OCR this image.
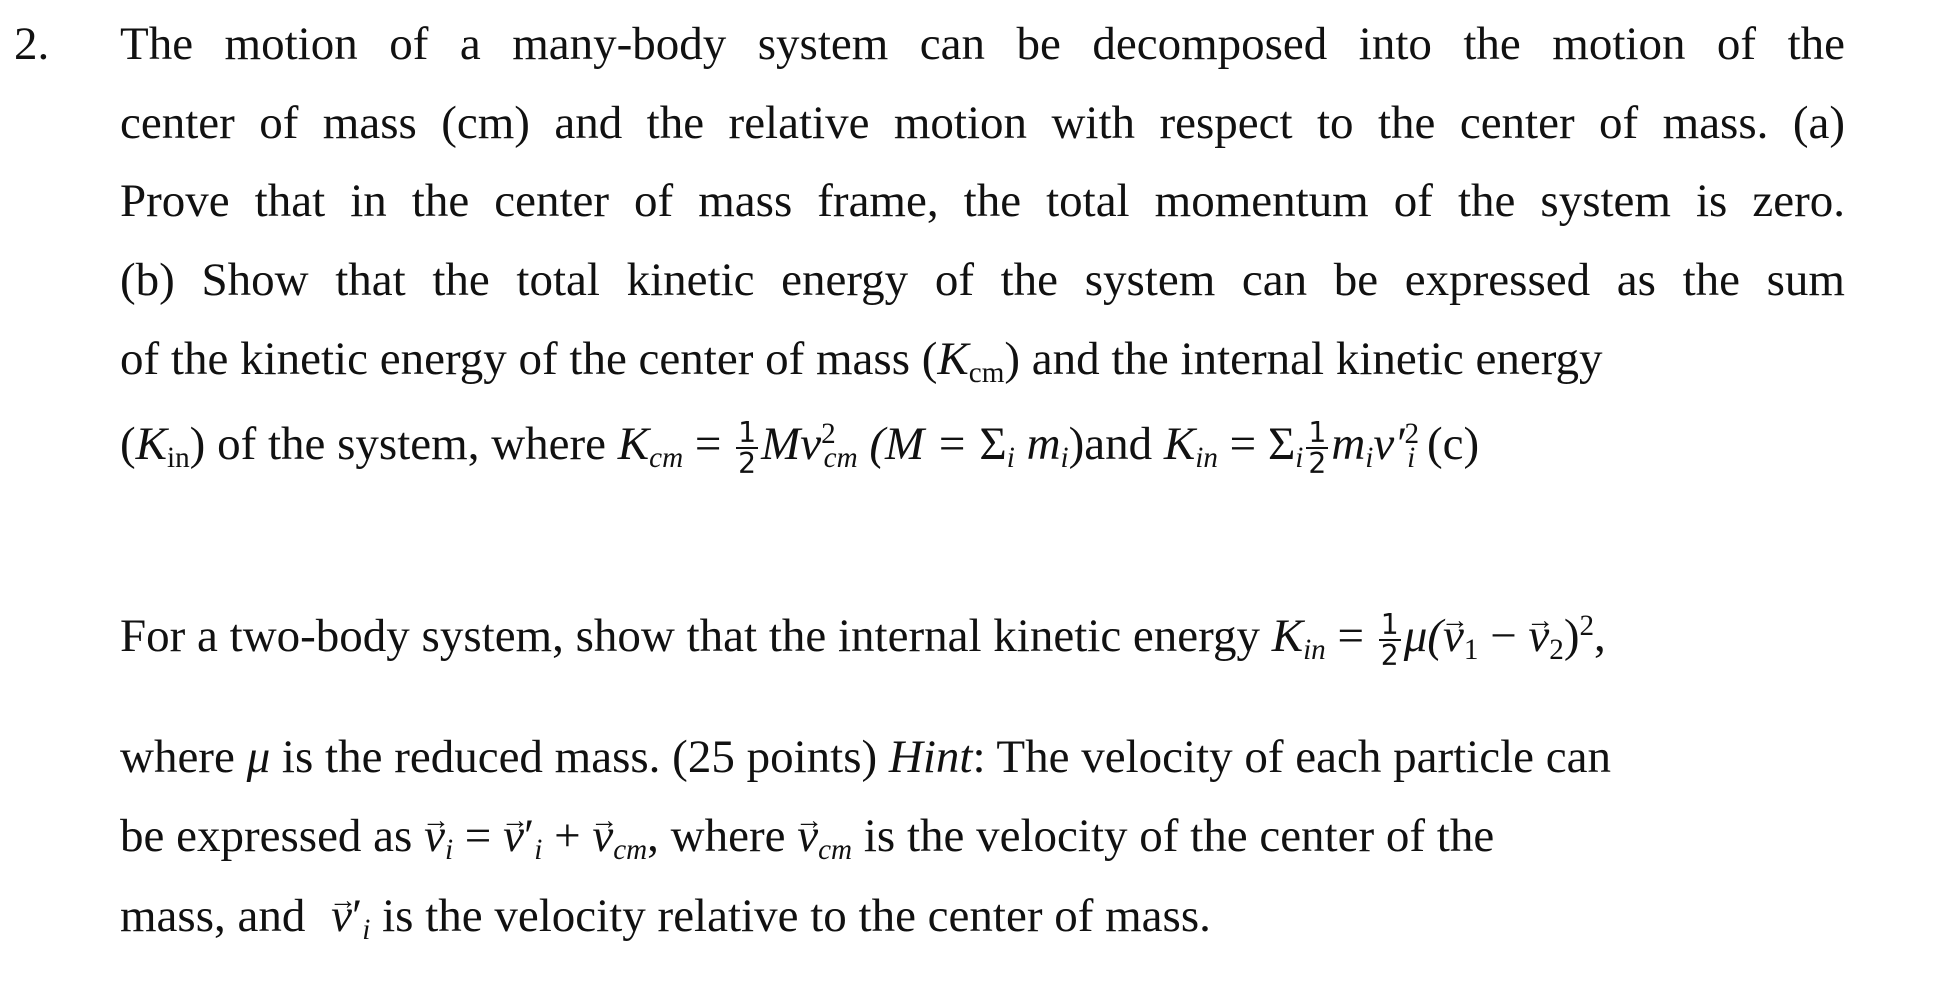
2. The motion of a many-body system can be decomposed into the motion of the
center of mass (cm) and the relative motion with respect to the center of mass. (a)
Prove that in the center of mass frame, the total momentum of the system is zero.
(b) Show that the total kinetic energy of the system can be expressed as the sum
of the kinetic energy of the center of mass $(K_{cm})$ and the internal kinetic energy
$(K_{in})$ of the system, where $K_{cm} = \frac{1}{2} Mv^2_{cm}$ ($M = \Sigma_i$ $m_i)and$ $K_{in} = \Sigma_i \frac{1}{2} m_iv'^2_i$ (c)
For a two-body system, show that the internal kinetic energy $K_{in} = \frac{1}{2} \mu(\to v_1$ − → $v_2)^2$,
where μ is the reduced mass. (25 points) Hint: The velocity of each particle can
be expressed as → $v_i$ = → $v'_i$ + → $v_{cm}$, where → $v_{cm}$ is the velocity of the center of the
mass, and → $v'_i$ is the velocity relative to the center of mass.
